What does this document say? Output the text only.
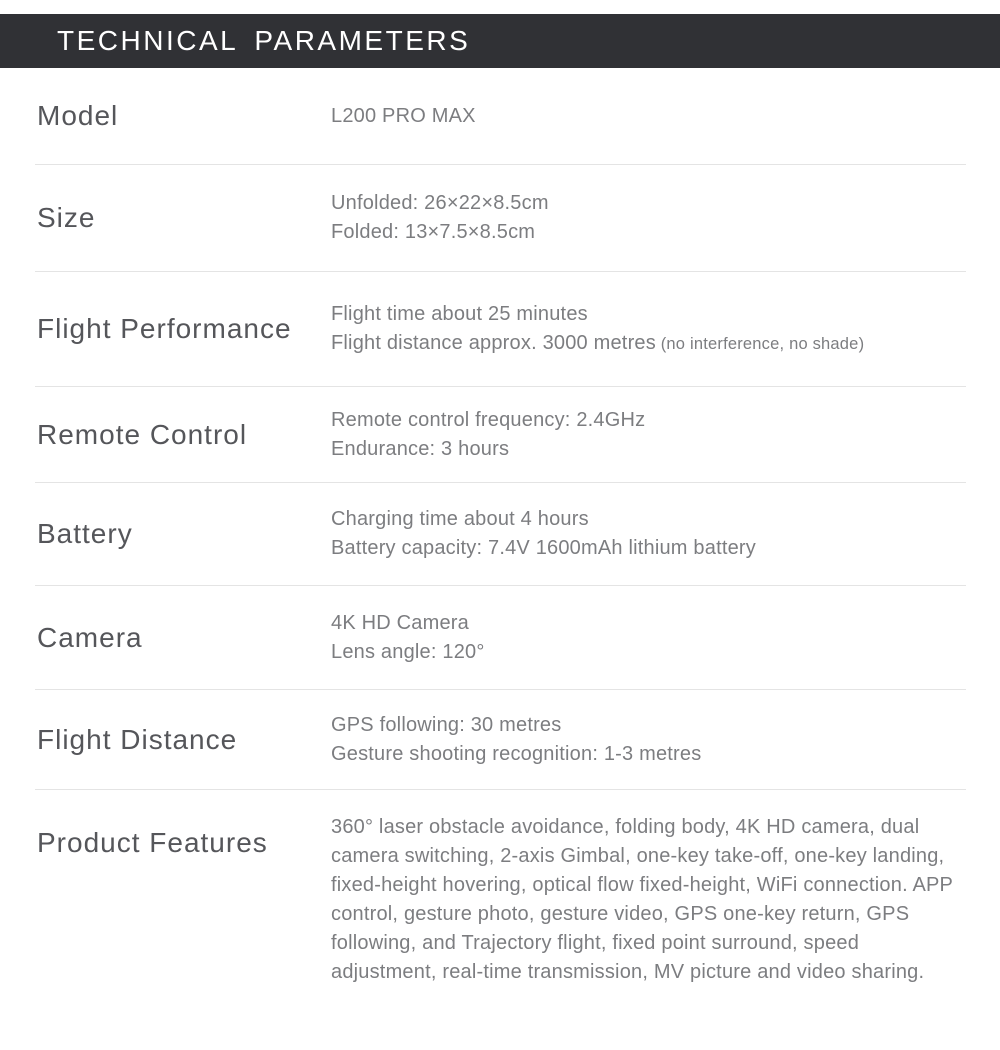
TECHNICAL PARAMETERS
Model	L200 PRO MAX

Size	Unfolded: 26×22×8.5cm

Folded: 13×7.5×8.5cm

Flight Performance	Flight time about 25 minutes

Flight distance approx. 3000 metres (no interference, no shade)

Remote Control	Remote control frequency: 2.4GHz

Endurance: 3 hours

Battery	Charging time about 4 hours

Battery capacity: 7.4V 1600mAh lithium battery

Camera	4K HD Camera

Lens angle: 120°

Flight Distance	GPS following: 30 metres

Gesture shooting recognition: 1-3 metres

Product Features	360° laser obstacle avoidance, folding body, 4K HD camera, dual camera switching, 2-axis Gimbal, one-key take-off, one-key landing, fixed-height hovering, optical flow fixed-height, WiFi connection. APP control, gesture photo, gesture video, GPS one-key return, GPS following, and Trajectory flight, fixed point surround, speed adjustment, real-time transmission, MV picture and video sharing.
